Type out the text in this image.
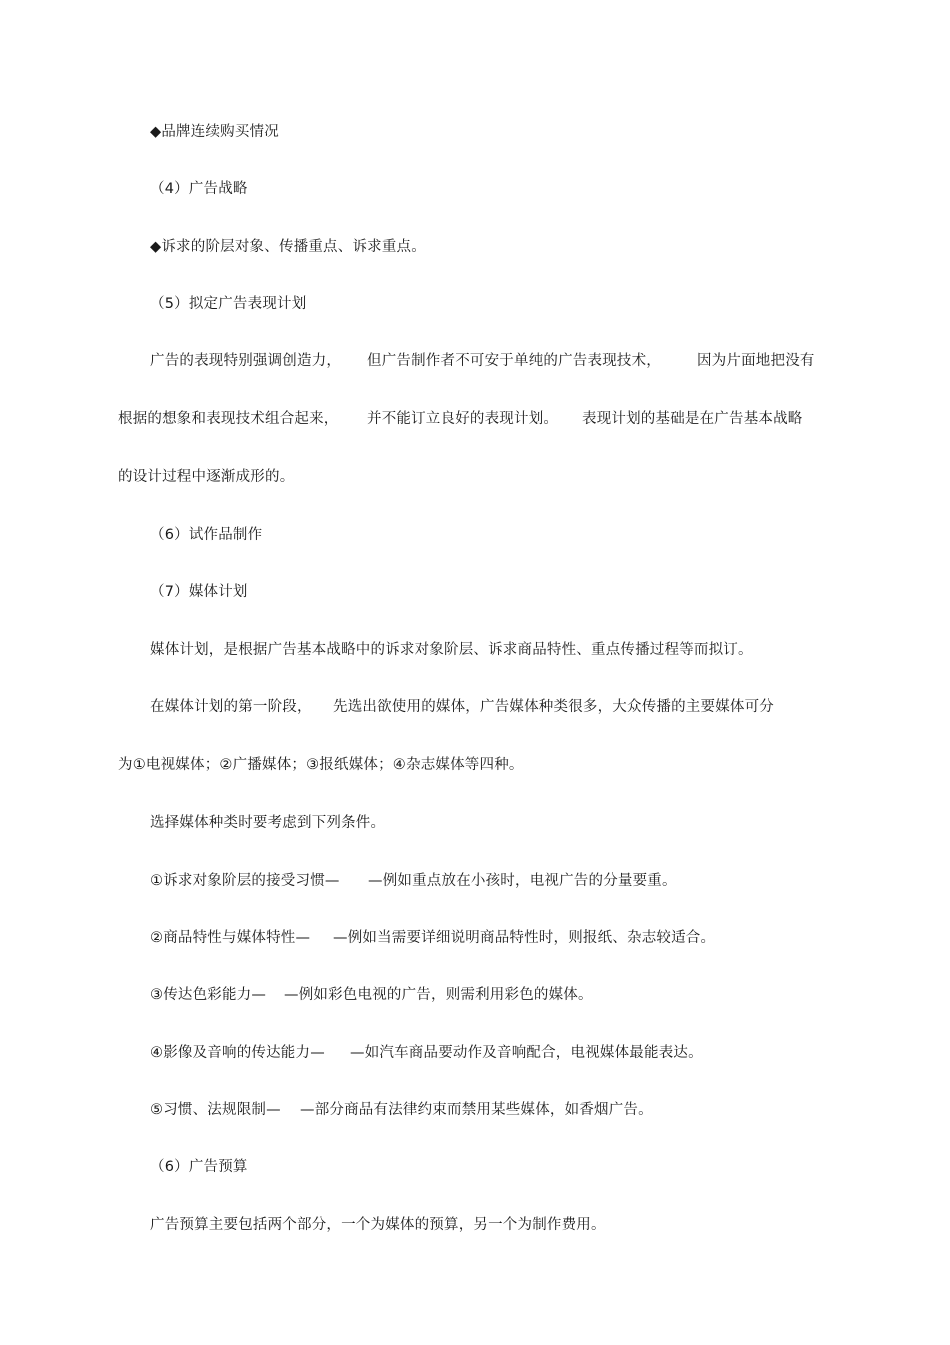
◆品牌连续购买情况
（4）广告战略
◆诉求的阶层对象、传播重点、诉求重点。
（5）拟定广告表现计划
广告的表现特别强调创造力， 但广告制作者不可安于单纯的广告表现技术， 因为片面地把没有
根据的想象和表现技术组合起来， 并不能订立良好的表现计划。 表现计划的基础是在广告基本战略
的设计过程中逐渐成形的。
（6）试作品制作
（7）媒体计划
媒体计划，是根据广告基本战略中的诉求对象阶层、诉求商品特性、重点传播过程等而拟订。
在媒体计划的第一阶段， 先选出欲使用的媒体，广告媒体种类很多，大众传播的主要媒体可分
为①电视媒体；②广播媒体；③报纸媒体；④杂志媒体等四种。
选择媒体种类时要考虑到下列条件。
①诉求对象阶层的接受习惯— —例如重点放在小孩时，电视广告的分量要重。
②商品特性与媒体特性— —例如当需要详细说明商品特性时，则报纸、杂志较适合。
③传达色彩能力— —例如彩色电视的广告，则需利用彩色的媒体。
④影像及音响的传达能力— —如汽车商品要动作及音响配合，电视媒体最能表达。
⑤习惯、法规限制— —部分商品有法律约束而禁用某些媒体，如香烟广告。
（6）广告预算
广告预算主要包括两个部分，一个为媒体的预算，另一个为制作费用。
